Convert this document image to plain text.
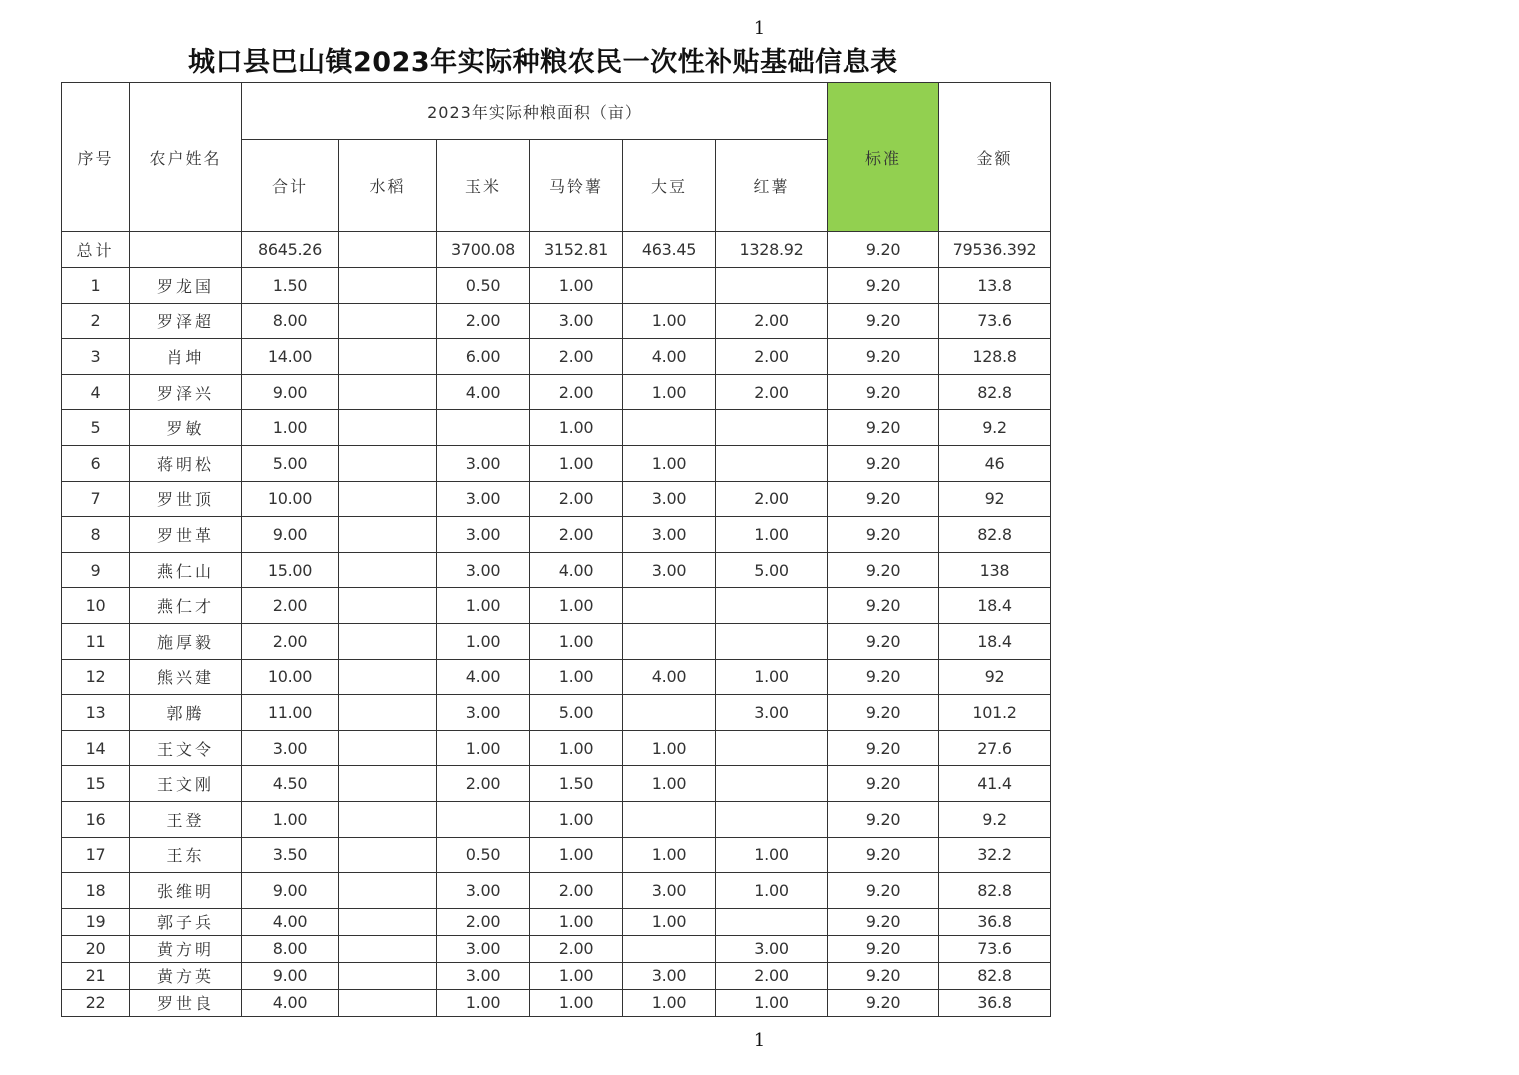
1
城口县巴山镇2023年实际种粮农民一次性补贴基础信息表
序号	农户姓名	2023年实际种粮面积（亩）						标准	金额
		合计	水稻	玉米	马铃薯	大豆	红薯		
总计		8645.26		3700.08	3152.81	463.45	1328.92	9.20	79536.392
1	罗龙国	1.50		0.50	1.00			9.20	13.8
2	罗泽超	8.00		2.00	3.00	1.00	2.00	9.20	73.6
3	肖坤	14.00		6.00	2.00	4.00	2.00	9.20	128.8
4	罗泽兴	9.00		4.00	2.00	1.00	2.00	9.20	82.8
5	罗敏	1.00			1.00			9.20	9.2
6	蒋明松	5.00		3.00	1.00	1.00		9.20	46
7	罗世顶	10.00		3.00	2.00	3.00	2.00	9.20	92
8	罗世革	9.00		3.00	2.00	3.00	1.00	9.20	82.8
9	燕仁山	15.00		3.00	4.00	3.00	5.00	9.20	138
10	燕仁才	2.00		1.00	1.00			9.20	18.4
11	施厚毅	2.00		1.00	1.00			9.20	18.4
12	熊兴建	10.00		4.00	1.00	4.00	1.00	9.20	92
13	郭腾	11.00		3.00	5.00		3.00	9.20	101.2
14	王文令	3.00		1.00	1.00	1.00		9.20	27.6
15	王文刚	4.50		2.00	1.50	1.00		9.20	41.4
16	王登	1.00			1.00			9.20	9.2
17	王东	3.50		0.50	1.00	1.00	1.00	9.20	32.2
18	张维明	9.00		3.00	2.00	3.00	1.00	9.20	82.8
19	郭子兵	4.00		2.00	1.00	1.00		9.20	36.8
20	黄方明	8.00		3.00	2.00		3.00	9.20	73.6
21	黄方英	9.00		3.00	1.00	3.00	2.00	9.20	82.8
22	罗世良	4.00		1.00	1.00	1.00	1.00	9.20	36.8
1
